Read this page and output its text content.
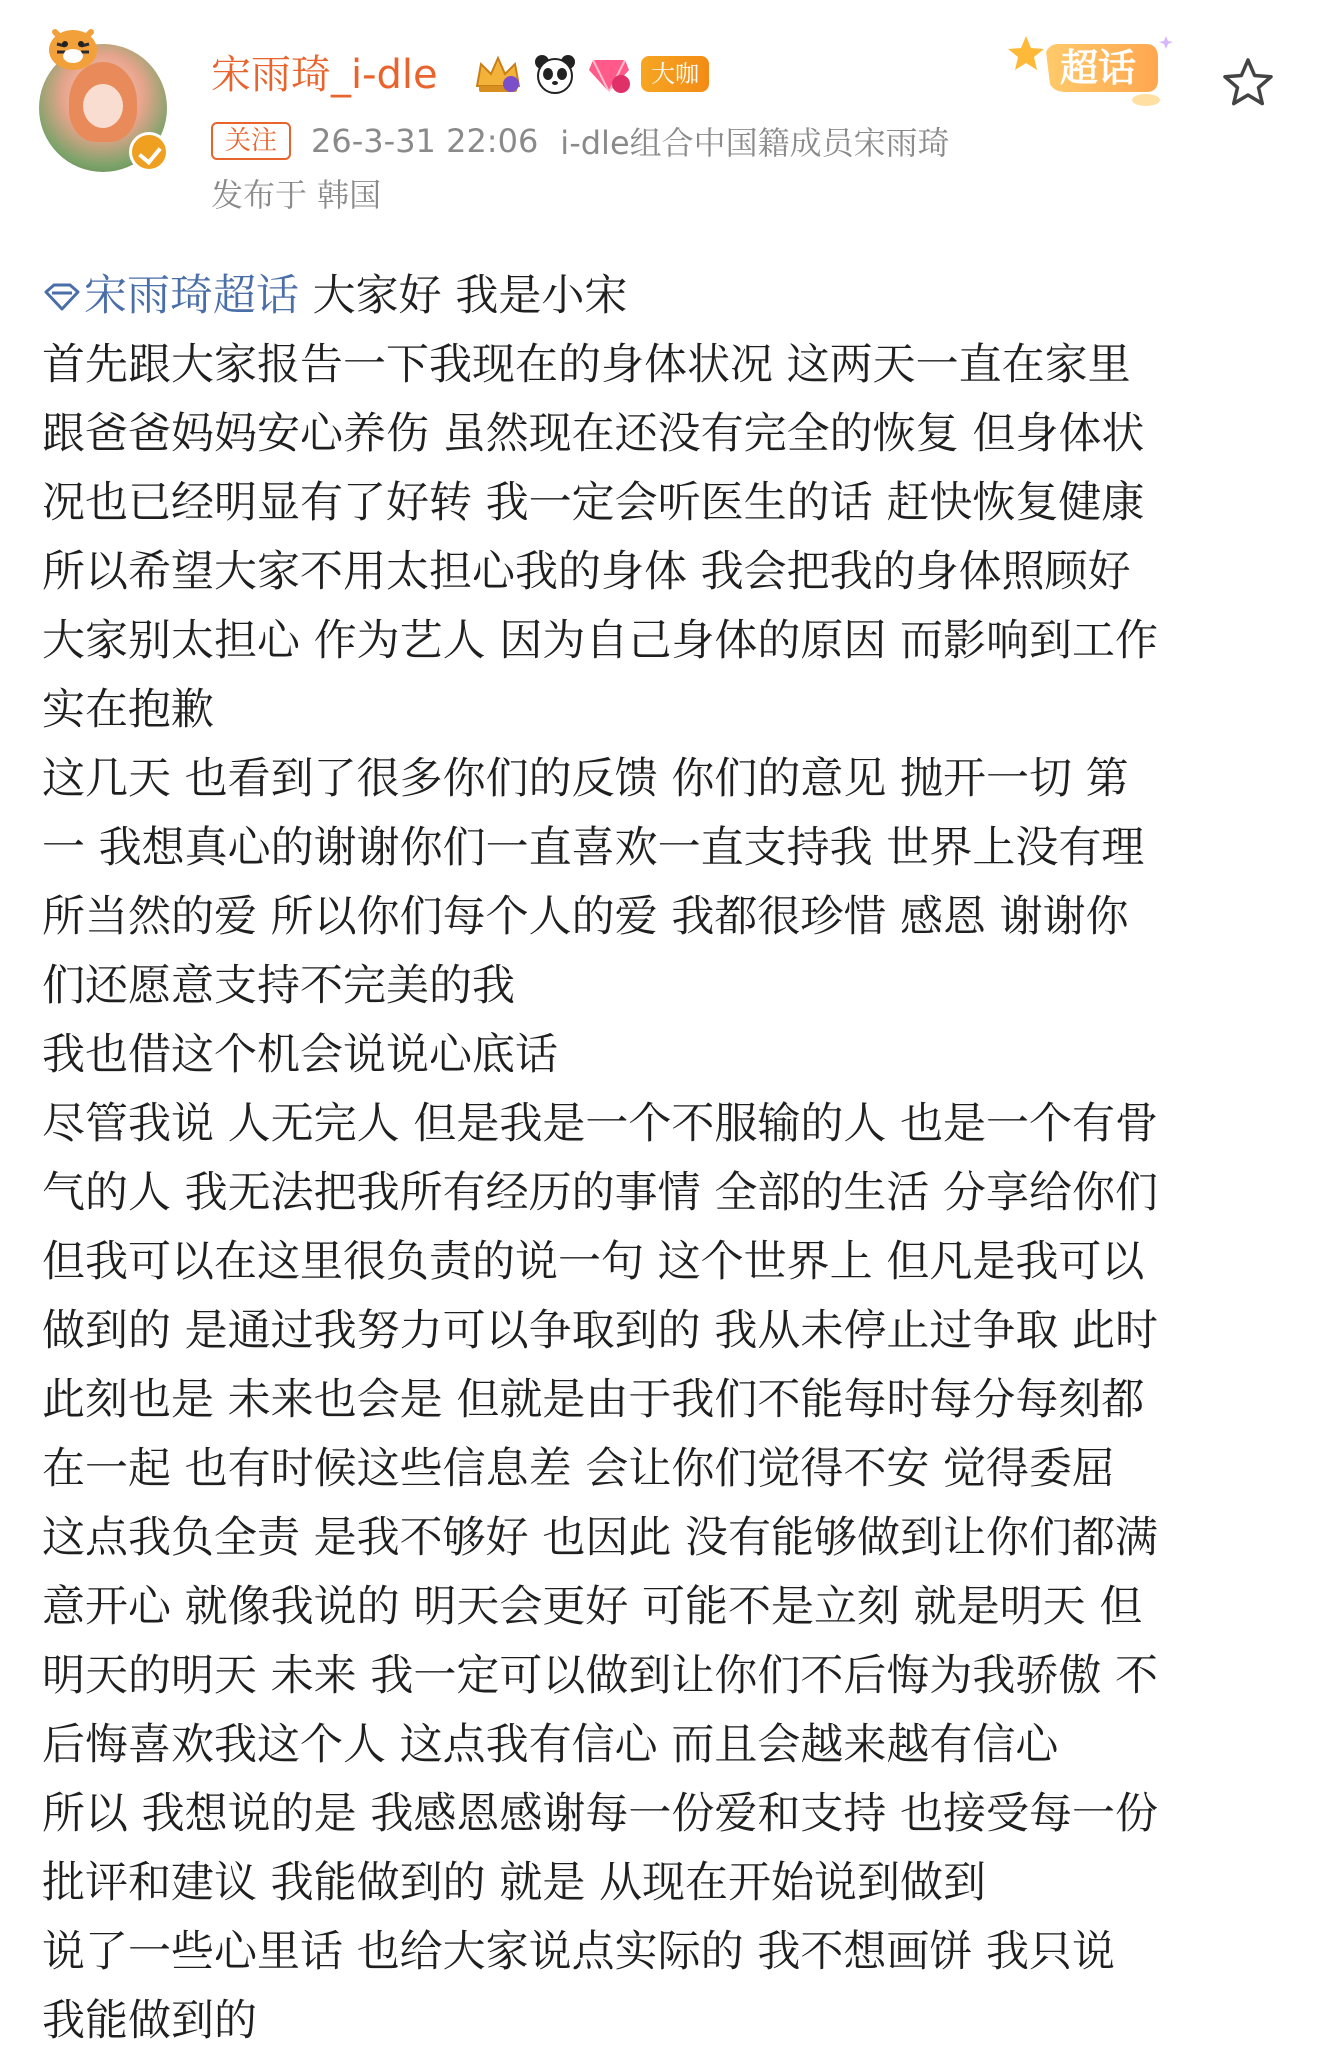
宋雨琦_i-dle	大咖
关注	26-3-31 22:06 i-dle组合中国籍成员宋雨琦
发布于 韩国
超话
宋雨琦超话 大家好 我是小宋
首先跟大家报告一下我现在的身体状况 这两天一直在家里
跟爸爸妈妈安心养伤 虽然现在还没有完全的恢复 但身体状
况也已经明显有了好转 我一定会听医生的话 赶快恢复健康
所以希望大家不用太担心我的身体 我会把我的身体照顾好
大家别太担心 作为艺人 因为自己身体的原因 而影响到工作
实在抱歉
这几天 也看到了很多你们的反馈 你们的意见 抛开一切 第
一 我想真心的谢谢你们一直喜欢一直支持我 世界上没有理
所当然的爱 所以你们每个人的爱 我都很珍惜 感恩 谢谢你
们还愿意支持不完美的我
我也借这个机会说说心底话
尽管我说 人无完人 但是我是一个不服输的人 也是一个有骨
气的人 我无法把我所有经历的事情 全部的生活 分享给你们
但我可以在这里很负责的说一句 这个世界上 但凡是我可以
做到的 是通过我努力可以争取到的 我从未停止过争取 此时
此刻也是 未来也会是 但就是由于我们不能每时每分每刻都
在一起 也有时候这些信息差 会让你们觉得不安 觉得委屈
这点我负全责 是我不够好 也因此 没有能够做到让你们都满
意开心 就像我说的 明天会更好 可能不是立刻 就是明天 但
明天的明天 未来 我一定可以做到让你们不后悔为我骄傲 不
后悔喜欢我这个人 这点我有信心 而且会越来越有信心
所以 我想说的是 我感恩感谢每一份爱和支持 也接受每一份
批评和建议 我能做到的 就是 从现在开始说到做到
说了一些心里话 也给大家说点实际的 我不想画饼 我只说
我能做到的
